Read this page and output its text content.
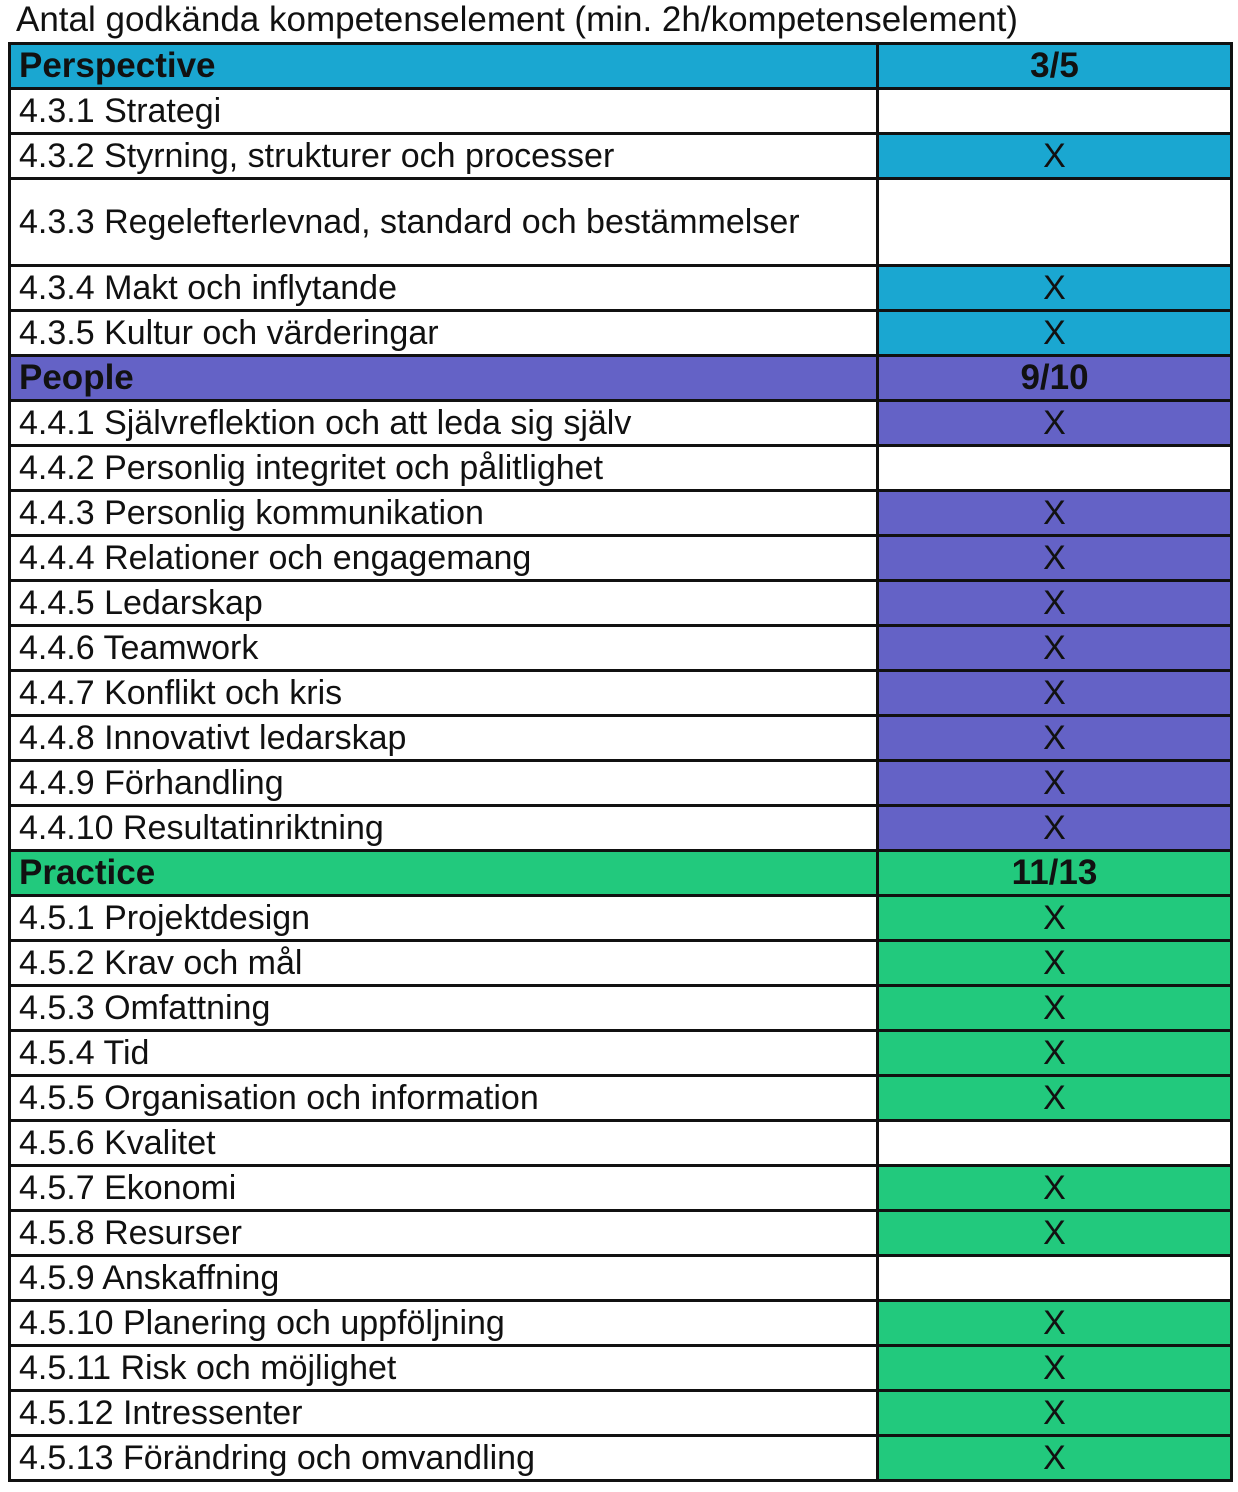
Antal godkända kompetenselement (min. 2h/kompetenselement)
Perspective	3/5
4.3.1 Strategi	
4.3.2 Styrning, strukturer och processer	X
4.3.3 Regelefterlevnad, standard och bestämmelser	
4.3.4 Makt och inflytande	X
4.3.5 Kultur och värderingar	X
People	9/10
4.4.1 Självreflektion och att leda sig själv	X
4.4.2 Personlig integritet och pålitlighet	
4.4.3 Personlig kommunikation	X
4.4.4 Relationer och engagemang	X
4.4.5 Ledarskap	X
4.4.6 Teamwork	X
4.4.7 Konflikt och kris	X
4.4.8 Innovativt ledarskap	X
4.4.9 Förhandling	X
4.4.10 Resultatinriktning	X
Practice	11/13
4.5.1 Projektdesign	X
4.5.2 Krav och mål	X
4.5.3 Omfattning	X
4.5.4 Tid	X
4.5.5 Organisation och information	X
4.5.6 Kvalitet	
4.5.7 Ekonomi	X
4.5.8 Resurser	X
4.5.9 Anskaffning	
4.5.10 Planering och uppföljning	X
4.5.11 Risk och möjlighet	X
4.5.12 Intressenter	X
4.5.13 Förändring och omvandling	X
